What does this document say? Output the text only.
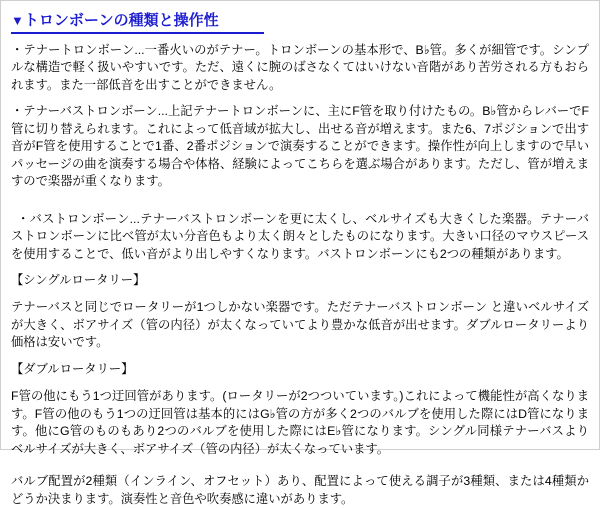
▼ トロンボーンの種類と操作性

・テナートロンボーン...一番火いのがテナー。トロンボーンの基本形で、B♭管。多くが細管です。シンプルな構造で軽く扱いやすいです。ただ、遠くに腕のばさなくてはいけない音階があり苦労される方もおられます。また一部低音を出すことができません。

・テナーバストロンボーン...上記テナートロンボーンに、主にF管を取り付けたもの。B♭管からレバーでF管に切り替えられます。これによって低音域が拡大し、出せる音が増えます。また6、7ポジションで出す音がF管を使用することで1番、2番ポジションで演奏することができます。操作性が向上しますので早いパッセージの曲を演奏する場合や体格、経験によってこちらを選ぶ場合があります。ただし、管が増えますので楽器が重くなります。

・バストロンボーン...テナーバストロンボーンを更に太くし、ベルサイズも大きくした楽器。テナーバストロンボーンに比べ管が太い分音色もより太く朗々としたものになります。大きい口径のマウスピースを使用することで、低い音がより出しやすくなります。バストロンボーンにも2つの種類があります。

【シングルロータリー】

テナーバスと同じでロータリーが1つしかない楽器です。ただテナーバストロンボーン と違いベルサイズが大きく、ボアサイズ（管の内径）が太くなっていてより豊かな低音が出せます。ダブルロータリーより価格は安いです。

【ダブルロータリー】

F管の他にもう1つ迂回管があります。(ロータリーが2つついています。)これによって機能性が高くなります。F管の他のもう1つの迂回管は基本的にはG♭管の方が多く2つのバルブを使用した際にはD管になります。他にG管のものもあり2つのバルブを使用した際にはE♭管になります。シングル同様テナーバスよりベルサイズが大きく、ボアサイズ（管の内径）が太くなっています。

バルブ配置が2種類（インライン、オフセット）あり、配置によって使える調子が3種類、または4種類かどうか決まります。演奏性と音色や吹奏感に違いがあります。
